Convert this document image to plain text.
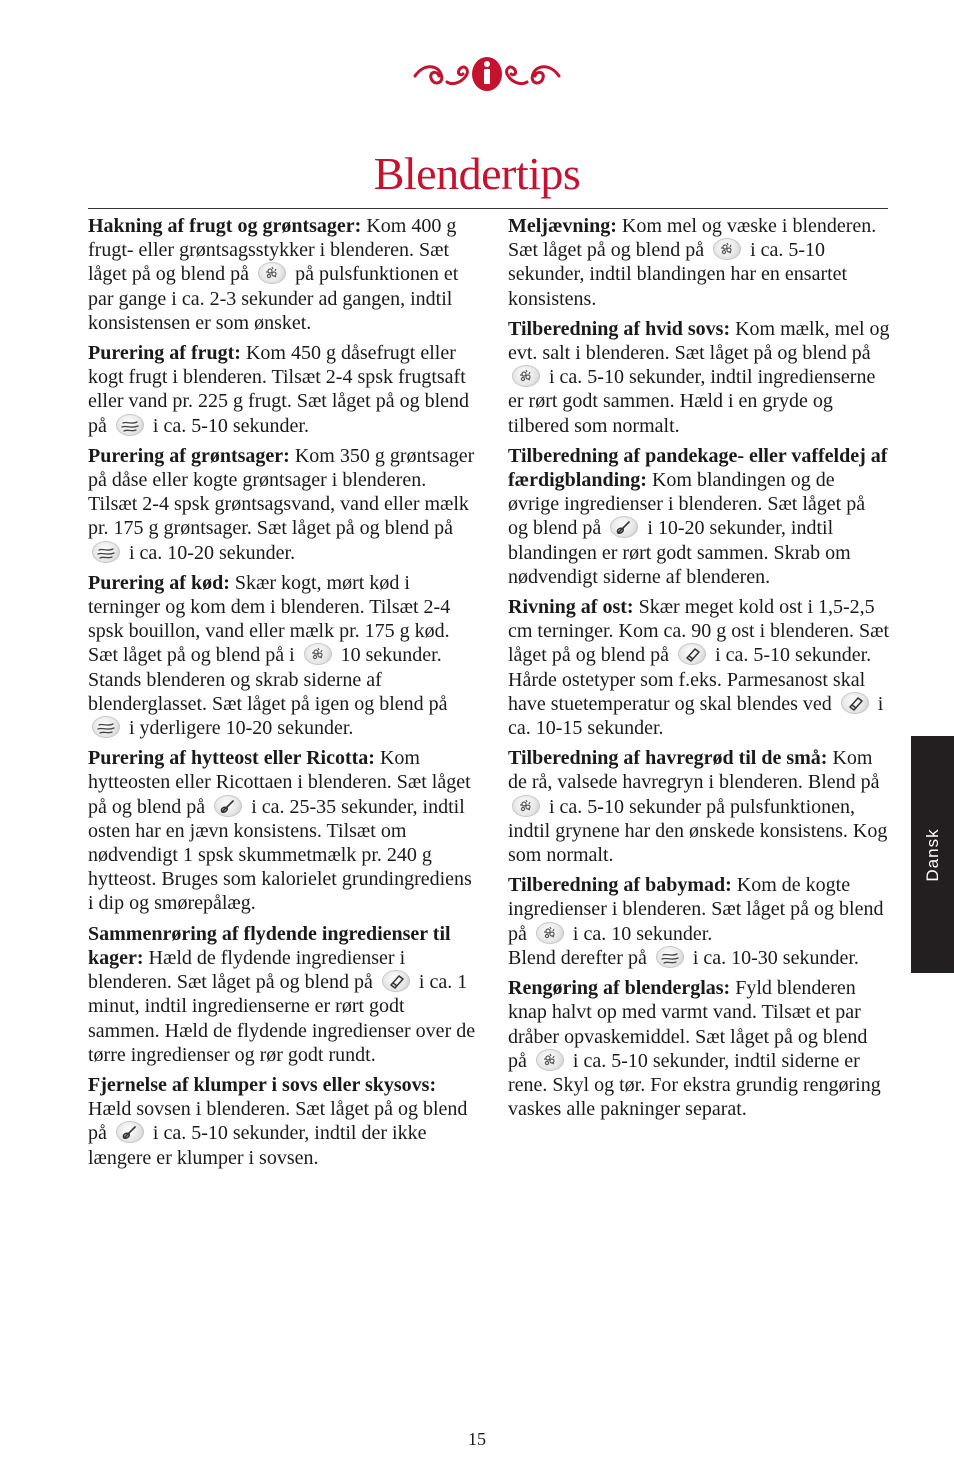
Blendertips

Hakning af frugt og grøntsager: Kom 400 g frugt- eller grøntsagsstykker i blenderen. Sæt låget på og blend på
på pulsfunktionen et par gange i ca. 2-3 sekunder ad gangen, indtil konsistensen er som ønsket.

Purering af frugt: Kom 450 g dåsefrugt eller kogt frugt i blenderen. Tilsæt 2-4 spsk frugtsaft eller vand pr. 225 g frugt. Sæt låget på og blend på
i ca. 5-10 sekunder.

Purering af grøntsager: Kom 350 g grøntsager på dåse eller kogte grøntsager i blenderen. Tilsæt 2-4 spsk grøntsagsvand, vand eller mælk pr. 175 g grøntsager. Sæt låget på og blend på
i ca. 10-20 sekunder.

Purering af kød: Skær kogt, mørt kød i terninger og kom dem i blenderen. Tilsæt 2-4 spsk bouillon, vand eller mælk pr. 175 g kød. Sæt låget på og blend på i
10 sekunder. Stands blenderen og skrab siderne af blenderglasset. Sæt låget på igen og blend på
i yderligere 10-20 sekunder.

Purering af hytteost eller Ricotta: Kom hytteosten eller Ricottaen i blenderen. Sæt låget på og blend på
i ca. 25-35 sekunder, indtil osten har en jævn konsistens. Tilsæt om nødvendigt 1 spsk skummetmælk pr. 240 g hytteost. Bruges som kalorielet grundingrediens i dip og smørepålæg.

Sammenrøring af flydende ingredienser til kager: Hæld de flydende ingredienser i blenderen. Sæt låget på og blend på
i ca. 1 minut, indtil ingredienserne er rørt godt sammen. Hæld de flydende ingredienser over de tørre ingredienser og rør godt rundt.

Fjernelse af klumper i sovs eller skysovs: Hæld sovsen i blenderen. Sæt låget på og blend på
i ca. 5-10 sekunder, indtil der ikke længere er klumper i sovsen.

Meljævning: Kom mel og væske i blenderen. Sæt låget på og blend på
i ca. 5-10 sekunder, indtil blandingen har en ensartet konsistens.

Tilberedning af hvid sovs: Kom mælk, mel og evt. salt i blenderen. Sæt låget på og blend på
i ca. 5-10 sekunder, indtil ingredienserne er rørt godt sammen. Hæld i en gryde og tilbered som normalt.

Tilberedning af pandekage- eller vaffeldej af færdigblanding: Kom blandingen og de øvrige ingredienser i blenderen. Sæt låget på og blend på
i 10-20 sekunder, indtil blandingen er rørt godt sammen. Skrab om nødvendigt siderne af blenderen.

Rivning af ost: Skær meget kold ost i 1,5-2,5 cm terninger. Kom ca. 90 g ost i blenderen. Sæt låget på og blend på
i ca. 5-10 sekunder. Hårde ostetyper som f.eks. Parmesanost skal have stuetemperatur og skal blendes ved
i ca. 10-15 sekunder.

Tilberedning af havregrød til de små: Kom de rå, valsede havregryn i blenderen. Blend på
i ca. 5-10 sekunder på pulsfunktionen, indtil grynene har den ønskede konsistens. Kog som normalt.

Tilberedning af babymad: Kom de kogte ingredienser i blenderen. Sæt låget på og blend på
i ca. 10 sekunder.
Blend derefter på
i ca. 10-30 sekunder.

Rengøring af blenderglas: Fyld blenderen knap halvt op med varmt vand. Tilsæt et par dråber opvaskemiddel. Sæt låget på og blend på
i ca. 5-10 sekunder, indtil siderne er rene. Skyl og tør. For ekstra grundig rengøring vaskes alle pakninger separat.

Dansk
15
